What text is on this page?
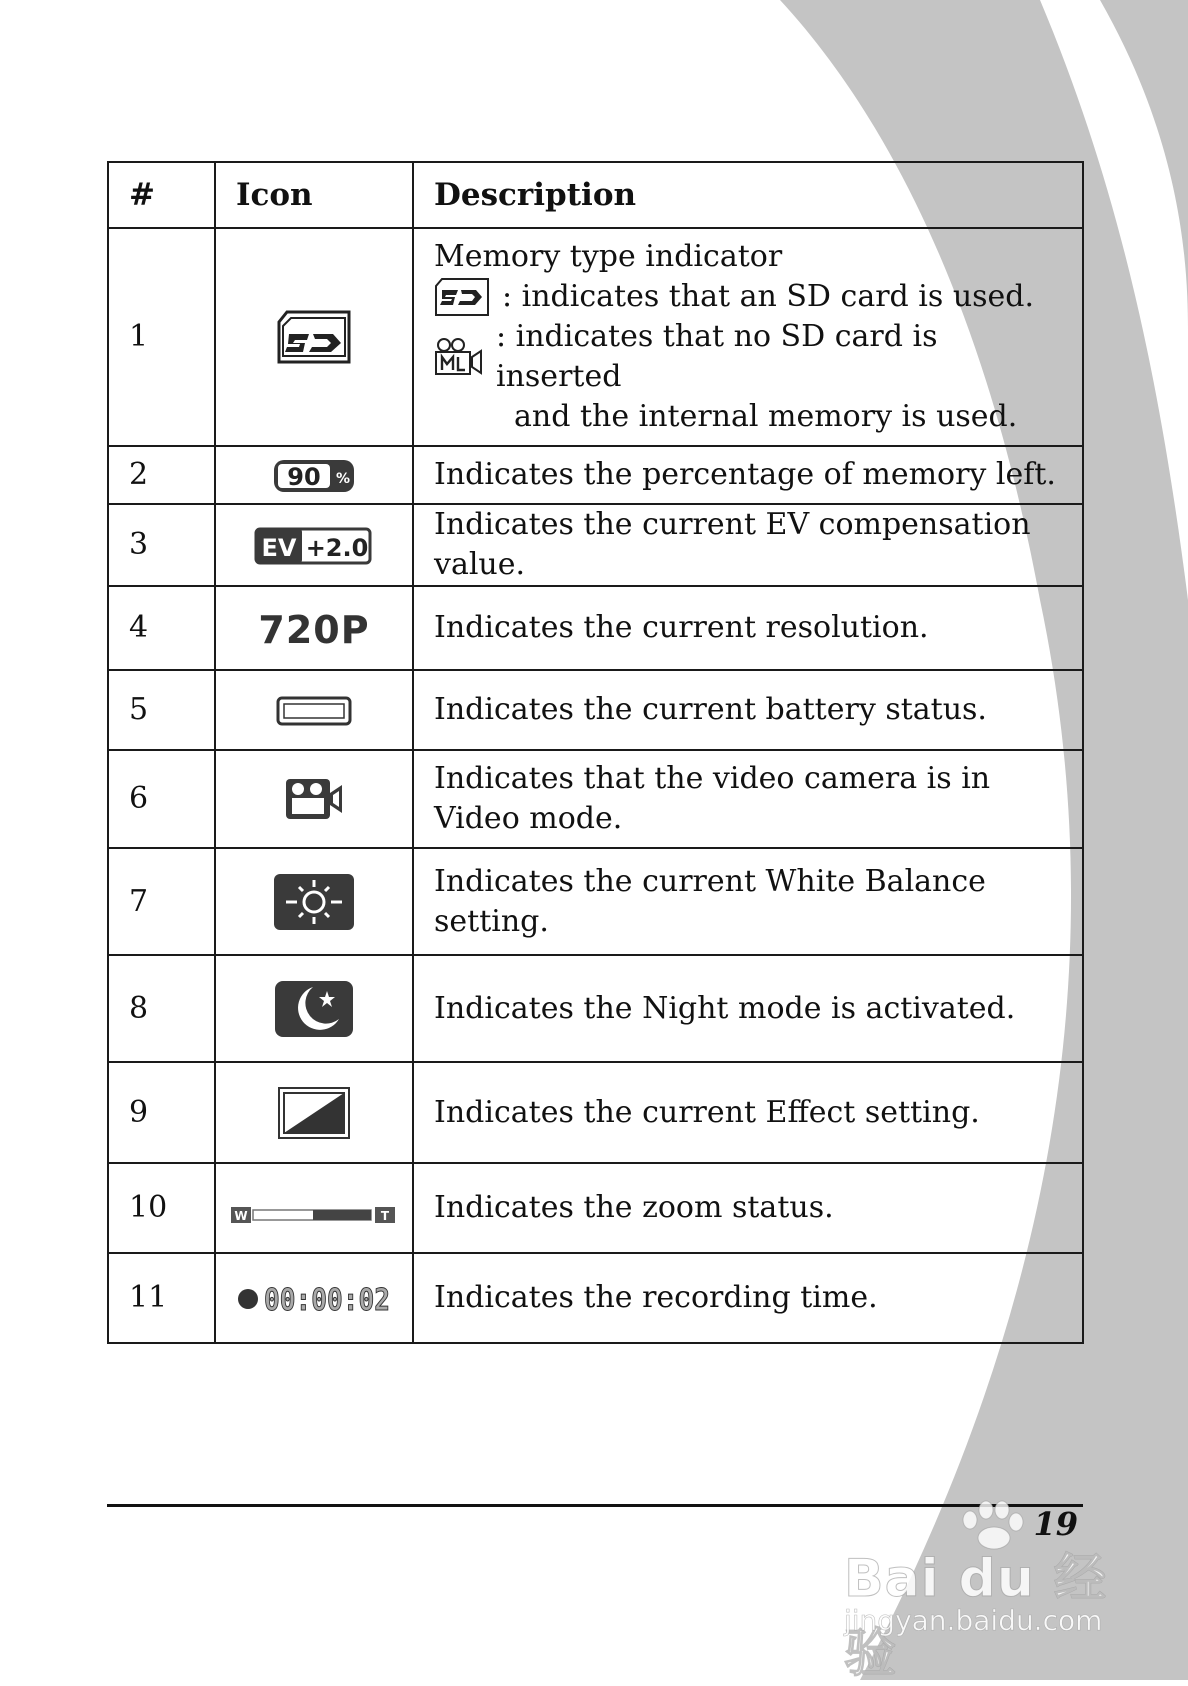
#	Icon	Description
1		Memory type indicator
: indicates that an SD card is used.
: indicates that no SD card is inserted
and the internal memory is used.

2	90 %	Indicates the percentage of memory left.
3	EV +2.0	Indicates the current EV compensation value.
4	720P	Indicates the current resolution.
5		Indicates the current battery status.
6		Indicates that the video camera is in Video mode.
7		Indicates the current White Balance setting.
8		Indicates the Night mode is activated.
9		Indicates the current Effect setting.
10	W T	Indicates the zoom status.
11	00:00:02	Indicates the recording time.
19
Bai du 经验
jingyan.baidu.com
